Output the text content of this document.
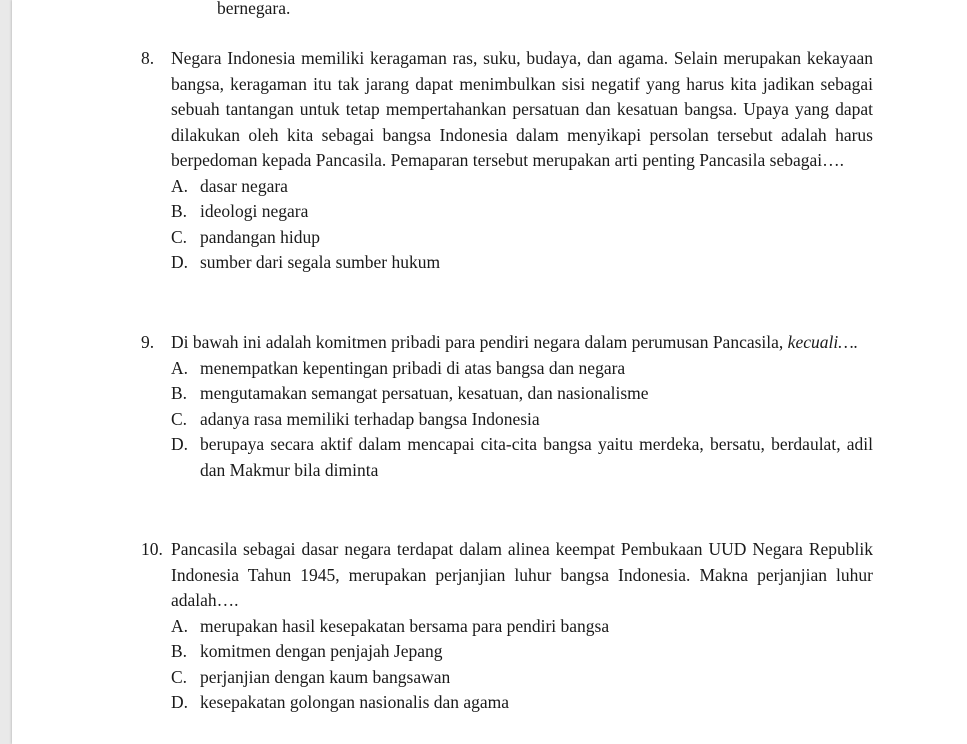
bernegara.
8. Negara Indonesia memiliki keragaman ras, suku, budaya, dan agama. Selain merupakan kekayaan bangsa, keragaman itu tak jarang dapat menimbulkan sisi negatif yang harus kita jadikan sebagai sebuah tantangan untuk tetap mempertahankan persatuan dan kesatuan bangsa. Upaya yang dapat dilakukan oleh kita sebagai bangsa Indonesia dalam menyikapi persolan tersebut adalah harus berpedoman kepada Pancasila. Pemaparan tersebut merupakan arti penting Pancasila sebagai….
A. dasar negara
B. ideologi negara
C. pandangan hidup
D. sumber dari segala sumber hukum
9. Di bawah ini adalah komitmen pribadi para pendiri negara dalam perumusan Pancasila, kecuali….
A. menempatkan kepentingan pribadi di atas bangsa dan negara
B. mengutamakan semangat persatuan, kesatuan, dan nasionalisme
C. adanya rasa memiliki terhadap bangsa Indonesia
D. berupaya secara aktif dalam mencapai cita-cita bangsa yaitu merdeka, bersatu, berdaulat, adil dan Makmur bila diminta
10. Pancasila sebagai dasar negara terdapat dalam alinea keempat Pembukaan UUD Negara Republik Indonesia Tahun 1945, merupakan perjanjian luhur bangsa Indonesia. Makna perjanjian luhur adalah….
A. merupakan hasil kesepakatan bersama para pendiri bangsa
B. komitmen dengan penjajah Jepang
C. perjanjian dengan kaum bangsawan
D. kesepakatan golongan nasionalis dan agama
